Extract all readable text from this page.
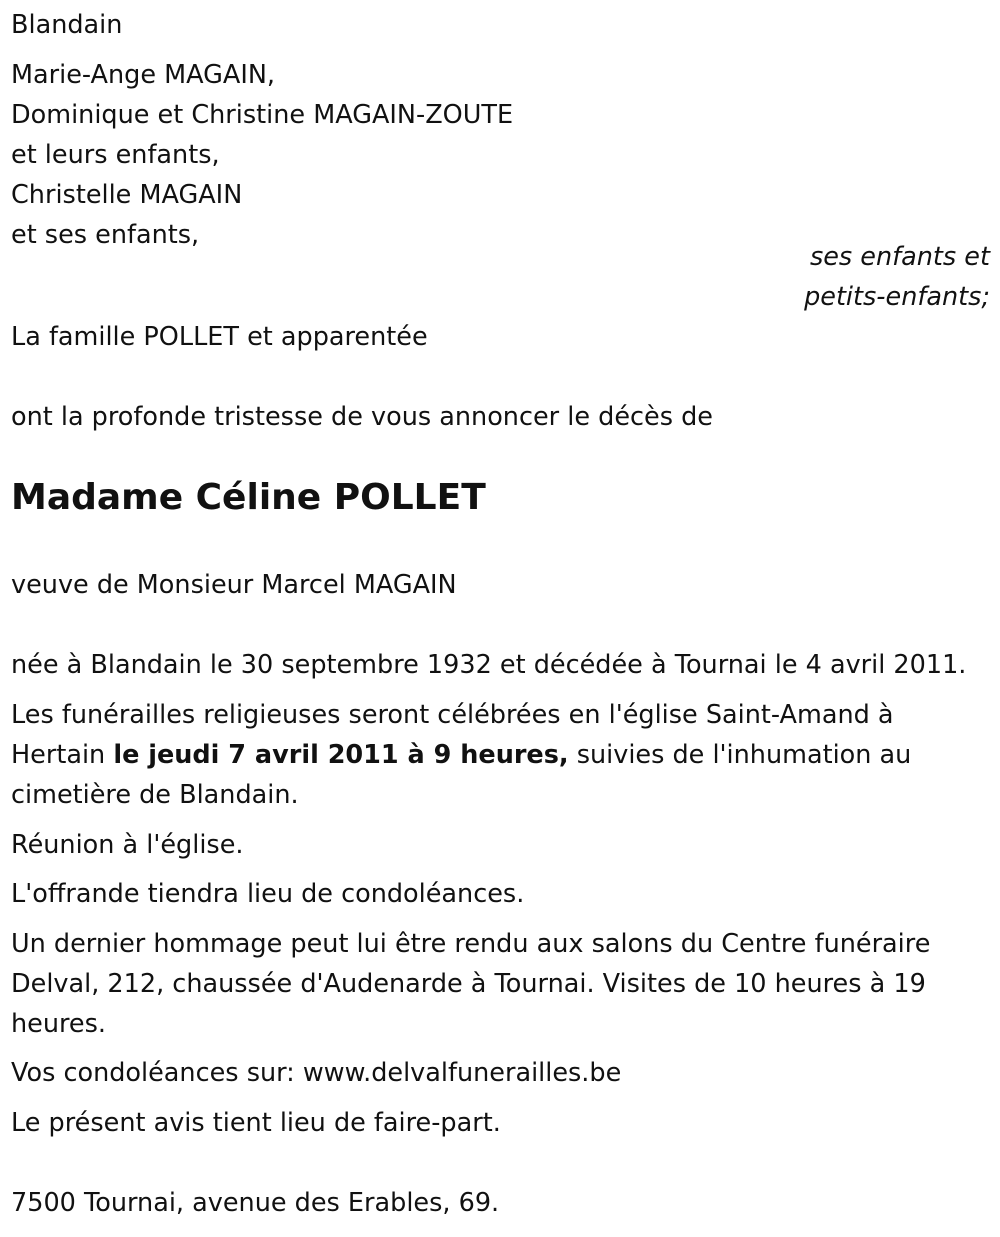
Blandain
Marie-Ange MAGAIN,
Dominique et Christine MAGAIN-ZOUTE
et leurs enfants,
Christelle MAGAIN
et ses enfants,
ses enfants et
petits-enfants;
La famille POLLET et apparentée
ont la profonde tristesse de vous annoncer le décès de
Madame Céline POLLET
veuve de Monsieur Marcel MAGAIN
née à Blandain le 30 septembre 1932 et décédée à Tournai le 4 avril 2011.
Les funérailles religieuses seront célébrées en l'église Saint-Amand à Hertain le jeudi 7 avril 2011 à 9 heures, suivies de l'inhumation au cimetière de Blandain.
Réunion à l'église.
L'offrande tiendra lieu de condoléances.
Un dernier hommage peut lui être rendu aux salons du Centre funéraire Delval, 212, chaussée d'Audenarde à Tournai. Visites de 10 heures à 19 heures.
Vos condoléances sur: www.delvalfunerailles.be
Le présent avis tient lieu de faire-part.
7500 Tournai, avenue des Erables, 69.
